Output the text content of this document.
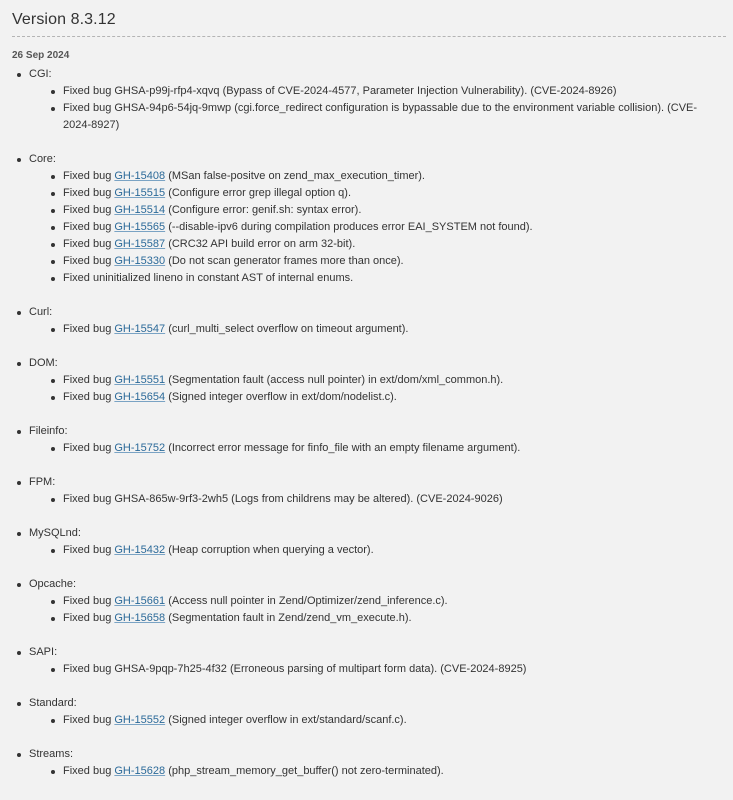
Version 8.3.12
26 Sep 2024
CGI:
Fixed bug GHSA-p99j-rfp4-xqvq (Bypass of CVE-2024-4577, Parameter Injection Vulnerability). (CVE-2024-8926)
Fixed bug GHSA-94p6-54jq-9mwp (cgi.force_redirect configuration is bypassable due to the environment variable collision). (CVE-2024-8927)
Core:
Fixed bug GH-15408 (MSan false-positve on zend_max_execution_timer).
Fixed bug GH-15515 (Configure error grep illegal option q).
Fixed bug GH-15514 (Configure error: genif.sh: syntax error).
Fixed bug GH-15565 (--disable-ipv6 during compilation produces error EAI_SYSTEM not found).
Fixed bug GH-15587 (CRC32 API build error on arm 32-bit).
Fixed bug GH-15330 (Do not scan generator frames more than once).
Fixed uninitialized lineno in constant AST of internal enums.
Curl:
Fixed bug GH-15547 (curl_multi_select overflow on timeout argument).
DOM:
Fixed bug GH-15551 (Segmentation fault (access null pointer) in ext/dom/xml_common.h).
Fixed bug GH-15654 (Signed integer overflow in ext/dom/nodelist.c).
Fileinfo:
Fixed bug GH-15752 (Incorrect error message for finfo_file with an empty filename argument).
FPM:
Fixed bug GHSA-865w-9rf3-2wh5 (Logs from childrens may be altered). (CVE-2024-9026)
MySQLnd:
Fixed bug GH-15432 (Heap corruption when querying a vector).
Opcache:
Fixed bug GH-15661 (Access null pointer in Zend/Optimizer/zend_inference.c).
Fixed bug GH-15658 (Segmentation fault in Zend/zend_vm_execute.h).
SAPI:
Fixed bug GHSA-9pqp-7h25-4f32 (Erroneous parsing of multipart form data). (CVE-2024-8925)
Standard:
Fixed bug GH-15552 (Signed integer overflow in ext/standard/scanf.c).
Streams:
Fixed bug GH-15628 (php_stream_memory_get_buffer() not zero-terminated).
